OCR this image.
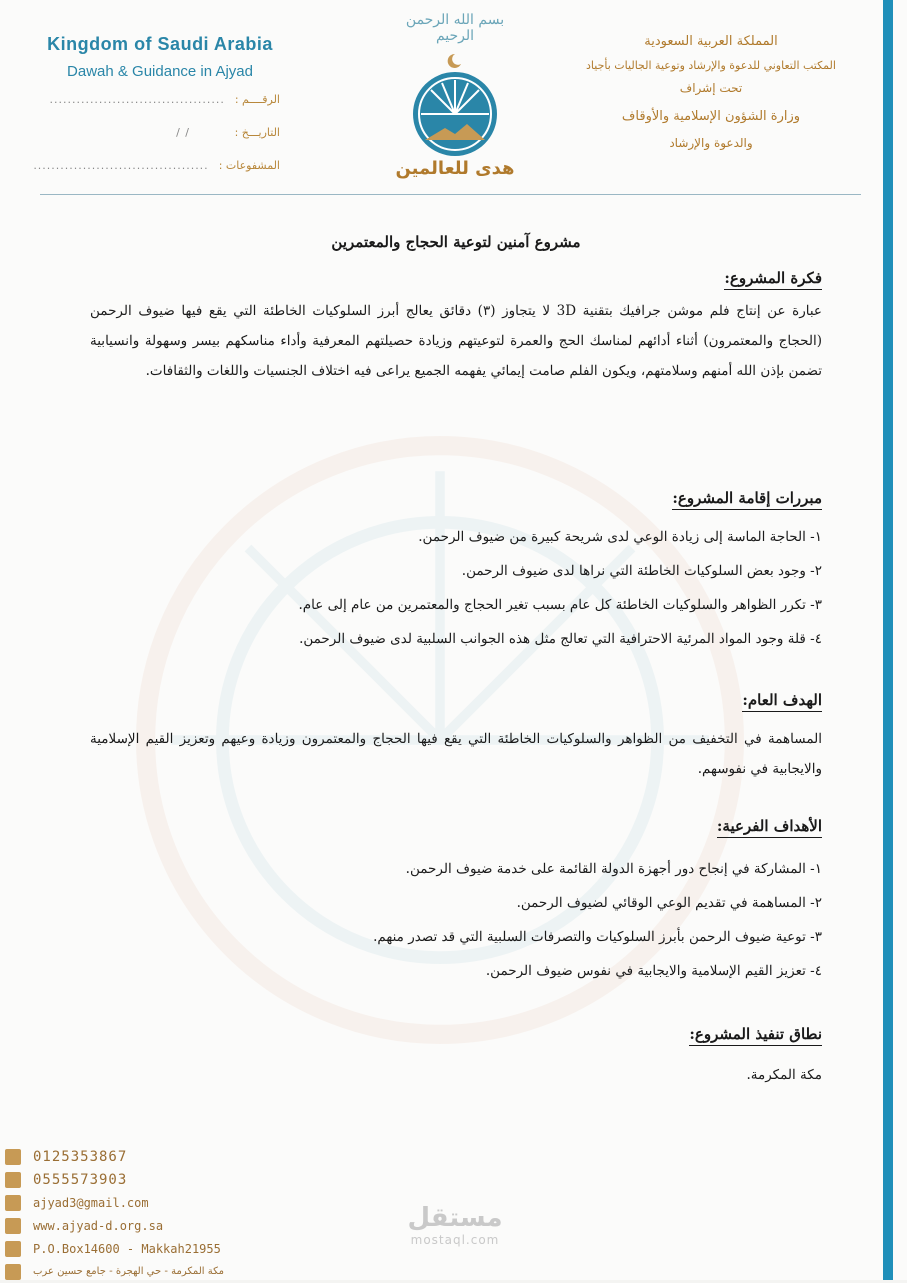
Kingdom of Saudi Arabia
Dawah & Guidance in Ajyad
الرقــــم :
.......................................
التاريـــخ :
/ /
المشفوعات :
.......................................
بسم الله الرحمن الرحيم
هدى للعالمين
المملكة العربية السعودية
المكتب التعاوني للدعوة والإرشاد وتوعية الجاليات بأجياد
تحت إشراف
وزارة الشؤون الإسلامية والأوقاف
والدعوة والإرشاد
مشروع آمنين لتوعية الحجاج والمعتمرين
فكرة المشروع:
عبارة عن إنتاج فلم موشن جرافيك بتقنية 3D لا يتجاوز (٣) دقائق يعالج أبرز السلوكيات الخاطئة التي يقع فيها ضيوف الرحمن (الحجاج والمعتمرون) أثناء أدائهم لمناسك الحج والعمرة لتوعيتهم وزيادة حصيلتهم المعرفية وأداء مناسكهم بيسر وسهولة وانسيابية تضمن بإذن الله أمنهم وسلامتهم، ويكون الفلم صامت إيمائي يفهمه الجميع يراعى فيه اختلاف الجنسيات واللغات والثقافات.
مبررات إقامة المشروع:
١- الحاجة الماسة إلى زيادة الوعي لدى شريحة كبيرة من ضيوف الرحمن.
٢- وجود بعض السلوكيات الخاطئة التي نراها لدى ضيوف الرحمن.
٣- تكرر الظواهر والسلوكيات الخاطئة كل عام بسبب تغير الحجاج والمعتمرين من عام إلى عام.
٤- قلة وجود المواد المرئية الاحترافية التي تعالج مثل هذه الجوانب السلبية لدى ضيوف الرحمن.
الهدف العام:
المساهمة في التخفيف من الظواهر والسلوكيات الخاطئة التي يقع فيها الحجاج والمعتمرون وزيادة وعيهم وتعزيز القيم الإسلامية والايجابية في نفوسهم.
الأهداف الفرعية:
١- المشاركة في إنجاح دور أجهزة الدولة القائمة على خدمة ضيوف الرحمن.
٢- المساهمة في تقديم الوعي الوقائي لضيوف الرحمن.
٣- توعية ضيوف الرحمن بأبرز السلوكيات والتصرفات السلبية التي قد تصدر منهم.
٤- تعزيز القيم الإسلامية والايجابية في نفوس ضيوف الرحمن.
نطاق تنفيذ المشروع:
مكة المكرمة.
0125353867
0555573903
ajyad3@gmail.com
www.ajyad-d.org.sa
P.O.Box14600 - Makkah21955
مكة المكرمة - حي الهجرة - جامع حسين عرب
مستقل
mostaql.com
